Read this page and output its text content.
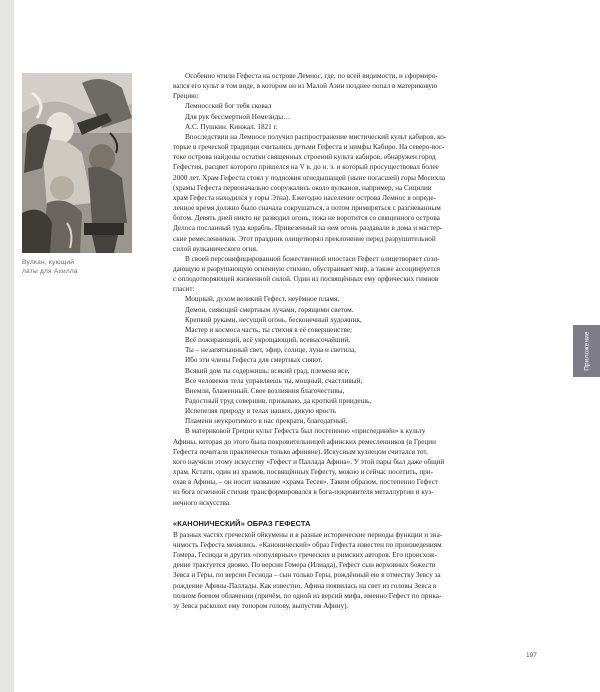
Вулкан, кующий
латы для Ахилла

Особенно чтили Гефеста на острове Лемнос, где, по всей видимости, и сформиро-
вался его культ в том виде, в котором он из Малой Азии позднее попал в материковую
Грецию:

Лемносский бог тебя сковал
Для рук бессмертной Немезиды…
А.С. Пушкин. Кинжал. 1821 г.

Впоследствии на Лемносе получил распространение мистический культ кабиров, ко-
торые в греческой традиции считались детьми Гефеста и нимфы Кабиро. На северо-вос-
токе острова найдены остатки священных строений культа кабиров, обнаружен город
Гефестия, расцвет которого пришелся на V в. до н. э. и который просуществовал более
2000 лет. Храм Гефеста стоял у подножия огнедышащей (ныне погасшей) горы Мосихла
(храмы Гефеста первоначально сооружались около вулканов, например, на Сицилии
храм Гефеста находился у горы Этна). Ежегодно население острова Лемнос в опреде-
ленное время должно было сначала сокрушаться, а потом примиряться с разгневанным
богом. Девять дней никто не разводил огонь, пока не воротится со священного острова
Делоса посланный туда корабль. Привезенный на нем огонь раздавали в дома и мастер-
ские ремесленников. Этот праздник олицетворял преклонение перед разрушительной
силой вулканического огня.

В своей персонифицированной божественной ипостаси Гефест олицетворяет сози-
дающую и разрушающую огненную стихию, обустраивает мир, а также ассоциируется
с оплодотворяющей жизненной силой. Один из посвящённых ему орфических гимнов
гласит:

Мощный, духом великий Гефест, неуёмное пламя,
Демон, сияющий смертным лучами, горящими светом.
Крепкий руками, несущий огонь, бесконечный художник,
Мастер и космоса часть, ты стихия в её совершенстве;
Всё пожирающий, всё укрощающий, всевысочайший,
Ты – незапятнанный свет, эфир, солнце, луна и светила,
Ибо эти члены Гефеста для смертных сияют.
Всякий дом ты содержишь; всякий град, племена все,
Все человеков тела управляешь ты, мощный, счастливый,
Внемли, блаженный. Свое возлияния благочестивы,
Радостный труд совершив, призываю, да кроткий приидешь,
Испепеляя природу в телах наших, дикую ярость
Пламени неукротимого в нас прекрати, благодатный.

В материковой Греции культ Гефеста был постепенно «присоединён» к культу
Афины, которая до этого была покровительницей афинских ремесленников (в Греции
Гефеста почитали практически только афиняне). Искусным кузнецом считался тот,
кого научили этому искусству «Гефест и Паллада Афина». У этой пары был даже общий
храм. Кстати, один из храмов, посвящённых Гефесту, можно и сейчас посетить, при-
ехав в Афины, – он носит название «храма Тесея». Таким образом, постепенно Гефест
из бога огненной стихии трансформировался в бога-покровителя металлургии и куз-
нечного искусства.

«КАНОНИЧЕСКИЙ» ОБРАЗ ГЕФЕСТА

В разных частях греческой ойкумены и в разные исторические периоды функции и зна-
чимость Гефеста менялись. «Канонический» образ Гефеста известен по произведениям
Гомера, Гесиода и других «популярных» греческих и римских авторов. Его происхож-
дение трактуется двояко. По версии Гомера (Илиада), Гефест сын верховных божеств
Зевса и Геры, по версии Гесиода – сын только Геры, рождённый ею в отместку Зевсу за
рождение Афины-Паллады. Как известно, Афина появилась на свет из головы Зевса в
полном боевом облачении (причём, по одной из версий мифа, именно Гефест по прика-
зу Зевса расколол ему топором голову, выпустив Афину).

Приложение
197
